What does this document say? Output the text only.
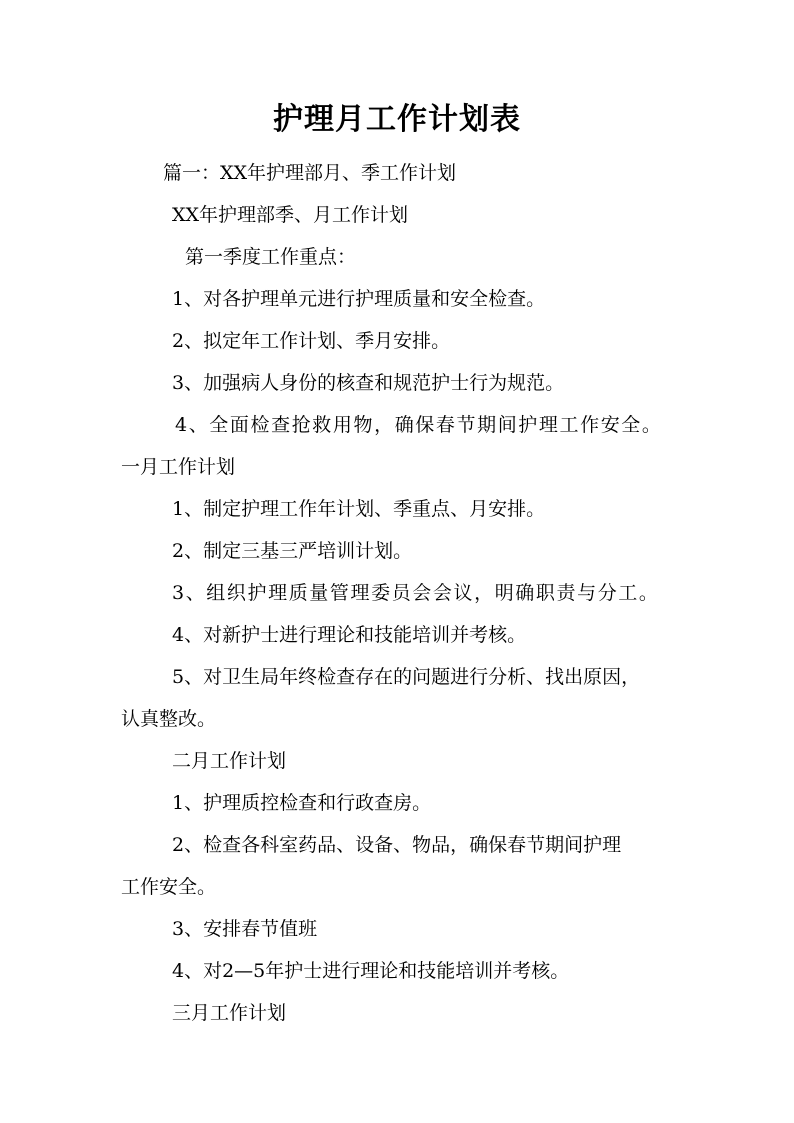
护理月工作计划表
篇一：XX年护理部月、季工作计划
XX年护理部季、月工作计划
第一季度工作重点：
1、对各护理单元进行护理质量和安全检查。
2、拟定年工作计划、季月安排。
3、加强病人身份的核查和规范护士行为规范。
4、全面检查抢救用物，确保春节期间护理工作安全。
一月工作计划
1、制定护理工作年计划、季重点、月安排。
2、制定三基三严培训计划。
3、组织护理质量管理委员会会议，明确职责与分工。
4、对新护士进行理论和技能培训并考核。
5、对卫生局年终检查存在的问题进行分析、找出原因，
认真整改。
二月工作计划
1、护理质控检查和行政查房。
2、检查各科室药品、设备、物品，确保春节期间护理
工作安全。
3、安排春节值班
4、对2—5年护士进行理论和技能培训并考核。
三月工作计划
